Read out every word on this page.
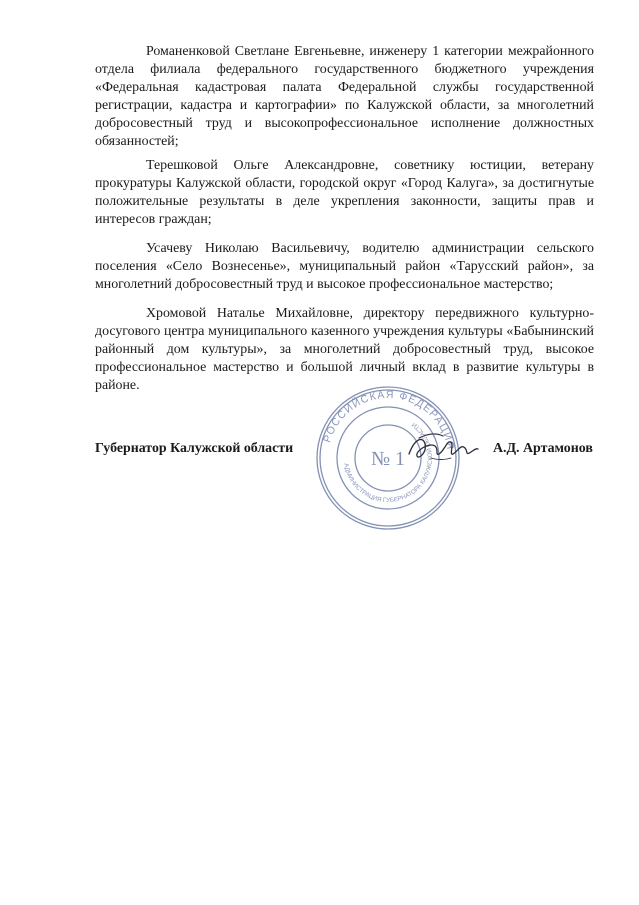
Романенковой Светлане Евгеньевне, инженеру 1 категории межрайонного отдела филиала федерального государственного бюджетного учреждения «Федеральная кадастровая палата Федеральной службы государственной регистрации, кадастра и картографии» по Калужской области, за многолетний добросовестный труд и высокопрофессиональное исполнение должностных обязанностей;

Терешковой Ольге Александровне, советнику юстиции, ветерану прокуратуры Калужской области, городской округ «Город Калуга», за достигнутые положительные результаты в деле укрепления законности, защиты прав и интересов граждан;

Усачеву Николаю Васильевичу, водителю администрации сельского поселения «Село Вознесенье», муниципальный район «Тарусский район», за многолетний добросовестный труд и высокое профессиональное мастерство;

Хромовой Наталье Михайловне, директору передвижного культурно-досугового центра муниципального казенного учреждения культуры «Бабынинский районный дом культуры», за многолетний добросовестный труд, высокое профессиональное мастерство и большой личный вклад в развитие культуры в районе.

Губернатор Калужской области
РОССИЙСКАЯ ФЕДЕРАЦИЯ
АДМИНИСТРАЦИЯ ГУБЕРНАТОРА КАЛУЖСКОЙ ОБЛАСТИ
№ 1	А.Д. Артамонов
